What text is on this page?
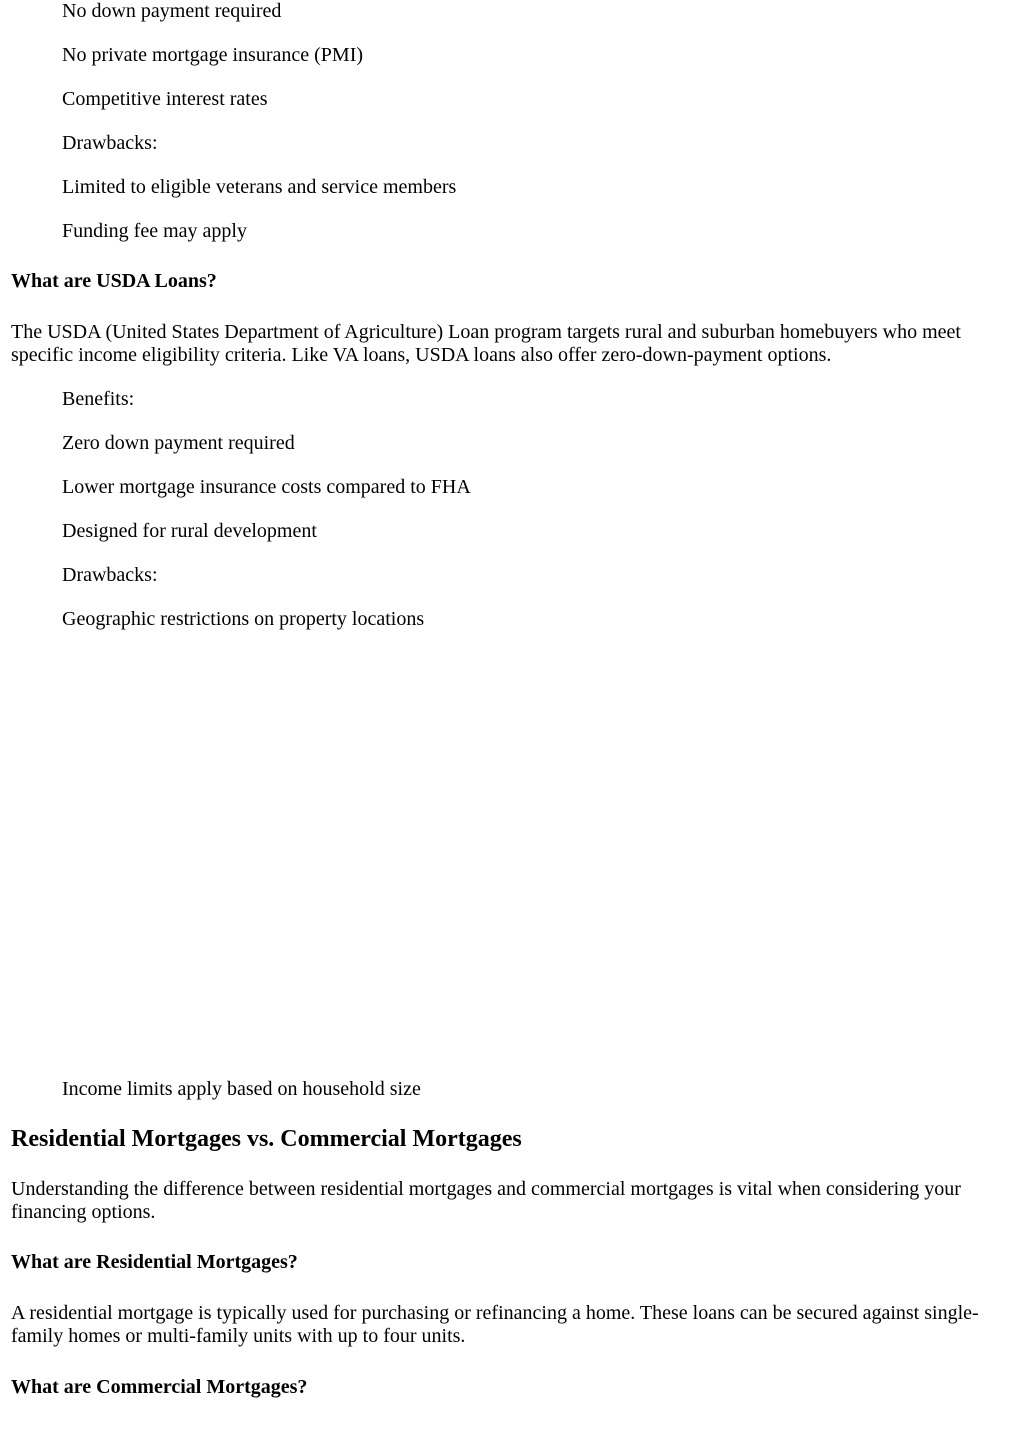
No down payment required

No private mortgage insurance (PMI)

Competitive interest rates

Drawbacks:

Limited to eligible veterans and service members

Funding fee may apply

What are USDA Loans?

The USDA (United States Department of Agriculture) Loan program targets rural and suburban homebuyers who meet specific income eligibility criteria. Like VA loans, USDA loans also offer zero-down-payment options.

Benefits:

Zero down payment required

Lower mortgage insurance costs compared to FHA

Designed for rural development

Drawbacks:

Geographic restrictions on property locations

Income limits apply based on household size

Residential Mortgages vs. Commercial Mortgages

Understanding the difference between residential mortgages and commercial mortgages is vital when considering your financing options.

What are Residential Mortgages?

A residential mortgage is typically used for purchasing or refinancing a home. These loans can be secured against single-family homes or multi-family units with up to four units.

What are Commercial Mortgages?
